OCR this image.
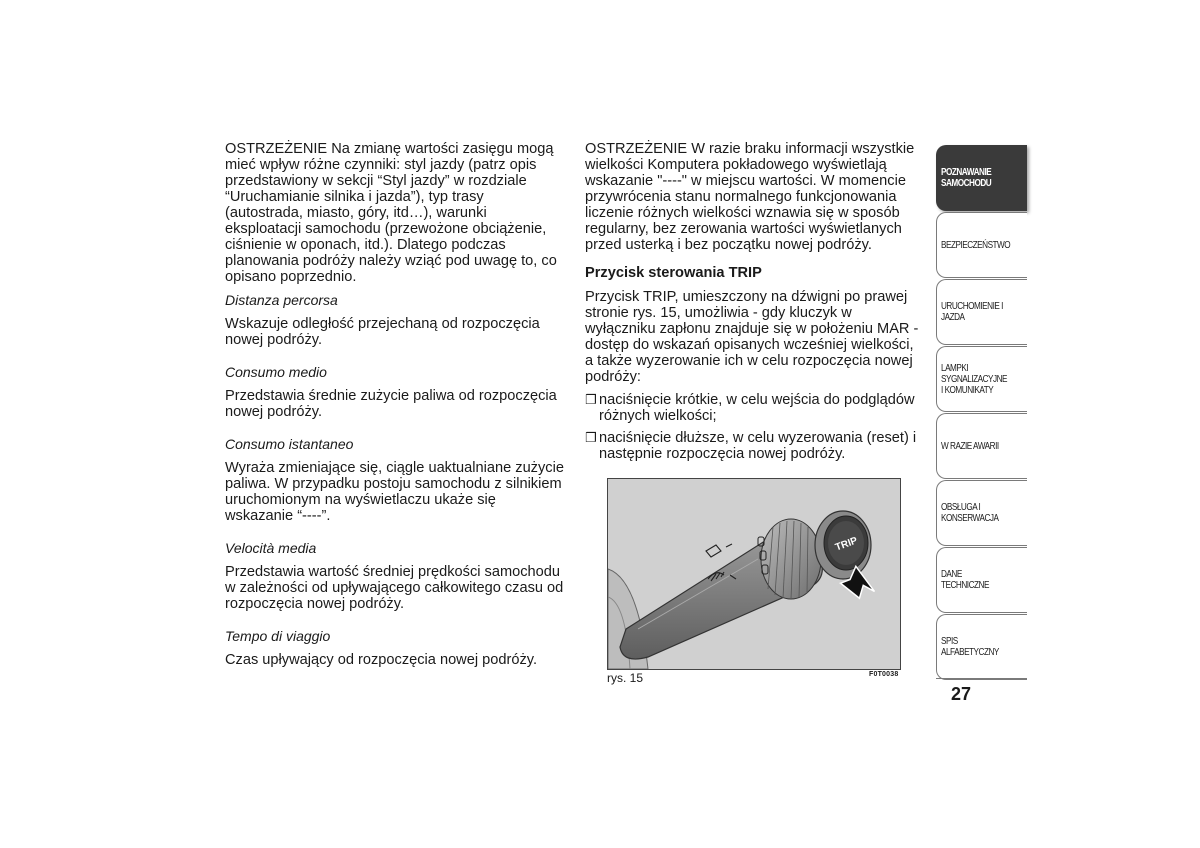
OSTRZEŻENIE Na zmianę wartości zasięgu mogą mieć wpływ różne czynniki: styl jazdy (patrz opis przedstawiony w sekcji “Styl jazdy” w rozdziale “Uruchamianie silnika i jazda”), typ trasy (autostrada, miasto, góry, itd…), warunki eksploatacji samochodu (przewożone obciążenie, ciśnienie w oponach, itd.). Dlatego podczas planowania podróży należy wziąć pod uwagę to, co opisano poprzednio.

Distanza percorsa

Wskazuje odległość przejechaną od rozpoczęcia nowej podróży.

Consumo medio

Przedstawia średnie zużycie paliwa od rozpoczęcia nowej podróży.

Consumo istantaneo

Wyraża zmieniające się, ciągle uaktualniane zużycie paliwa. W przypadku postoju samochodu z silnikiem uruchomionym na wyświetlaczu ukaże się wskazanie “----”.

Velocità media

Przedstawia wartość średniej prędkości samochodu w zależności od upływającego całkowitego czasu od rozpoczęcia nowej podróży.

Tempo di viaggio

Czas upływający od rozpoczęcia nowej podróży.

OSTRZEŻENIE W razie braku informacji wszystkie wielkości Komputera pokładowego wyświetlają wskazanie "----" w miejscu wartości. W momencie przywrócenia stanu normalnego funkcjonowania liczenie różnych wielkości wznawia się w sposób regularny, bez zerowania wartości wyświetlanych przed usterką i bez początku nowej podróży.

Przycisk sterowania TRIP

Przycisk TRIP, umieszczony na dźwigni po prawej stronie rys. 15, umożliwia - gdy kluczyk w wyłączniku zapłonu znajduje się w położeniu MAR - dostęp do wskazań opisanych wcześniej wielkości, a także wyzerowanie ich w celu rozpoczęcia nowej podróży:

❒ naciśnięcie krótkie, w celu wejścia do podglądów różnych wielkości;
❒ naciśnięcie dłuższe, w celu wyzerowania (reset) i następnie rozpoczęcia nowej podróży.
TRIP
rys. 15	F0T0038
POZNAWANIE SAMOCHODU
BEZPIECZEŃSTWO
URUCHOMIENIE I JAZDA
LAMPKI SYGNALIZACYJNE I KOMUNIKATY
W RAZIE AWARII
OBSŁUGA I KONSERWACJA
DANE TECHNICZNE
SPIS ALFABETYCZNY
27
